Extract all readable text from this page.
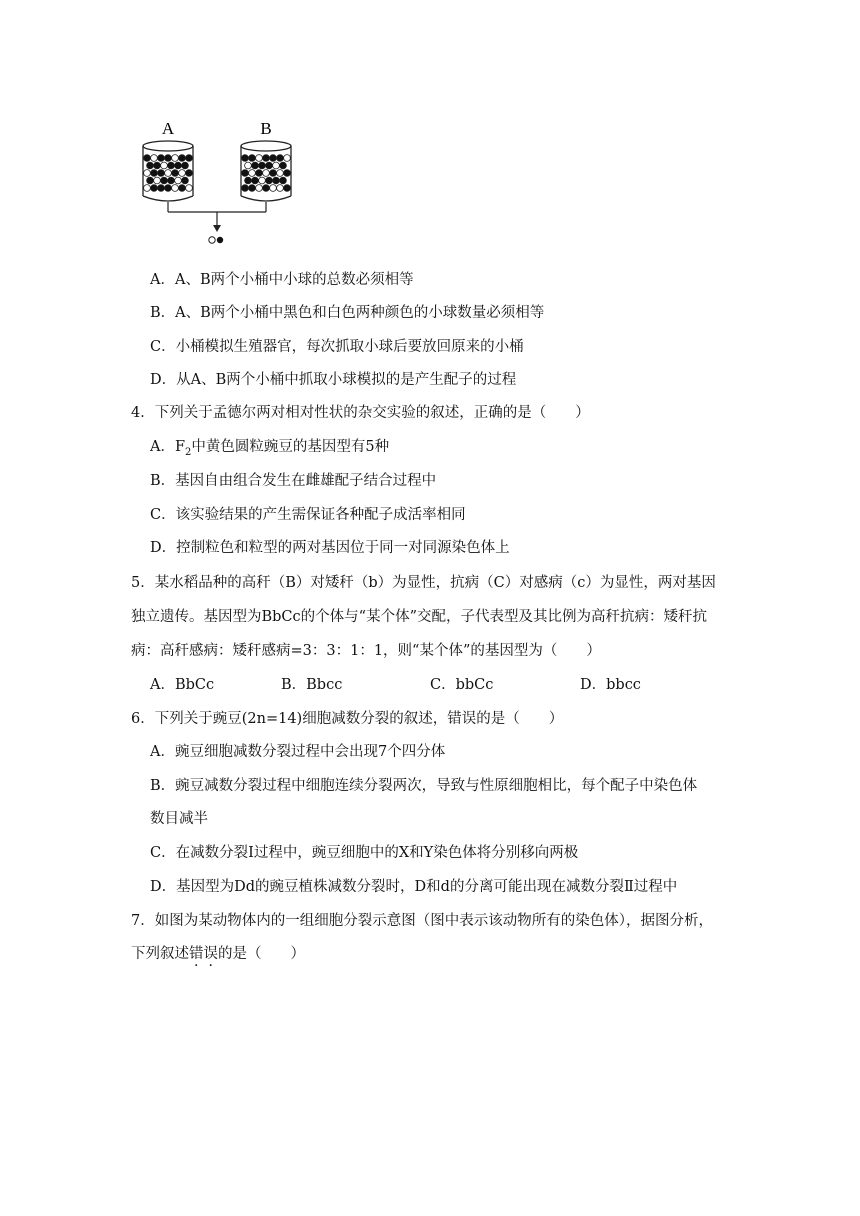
A	B
A．A、B两个小桶中小球的总数必须相等
B．A、B两个小桶中黑色和白色两种颜色的小球数量必须相等
C．小桶模拟生殖器官，每次抓取小球后要放回原来的小桶
D．从A、B两个小桶中抓取小球模拟的是产生配子的过程
4．下列关于孟德尔两对相对性状的杂交实验的叙述，正确的是（　　）
A．$F_2$中黄色圆粒豌豆的基因型有5种
B．基因自由组合发生在雌雄配子结合过程中
C．该实验结果的产生需保证各种配子成活率相同
D．控制粒色和粒型的两对基因位于同一对同源染色体上
5．某水稻品种的高秆（B）对矮秆（b）为显性，抗病（C）对感病（c）为显性，两对基因
独立遗传。基因型为BbCc的个体与“某个体”交配，子代表型及其比例为高秆抗病：矮秆抗
病：高秆感病：矮秆感病=3：3：1：1，则“某个体”的基因型为（　　）
A．BbCc	B．Bbcc	C．bbCc	D．bbcc
6．下列关于豌豆(2n=14)细胞减数分裂的叙述，错误的是（　　）
A．豌豆细胞减数分裂过程中会出现7个四分体
B．豌豆减数分裂过程中细胞连续分裂两次，导致与性原细胞相比，每个配子中染色体
数目减半
C．在减数分裂Ⅰ过程中，豌豆细胞中的X和Y染色体将分别移向两极
D．基因型为Dd的豌豆植株减数分裂时，D和d的分离可能出现在减数分裂Ⅱ过程中
7．如图为某动物体内的一组细胞分裂示意图（图中表示该动物所有的染色体），据图分析，
下列叙述错误的是（　　）
